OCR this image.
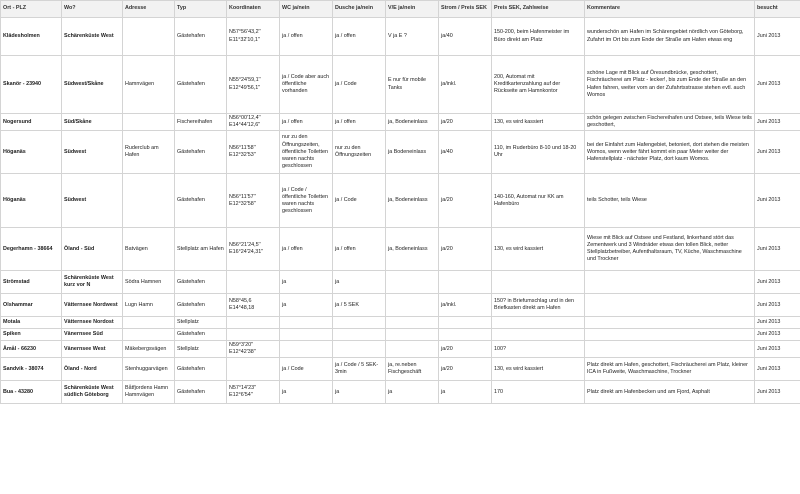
Ort - PLZ	Wo?	Adresse	Typ	Koordinaten	WC ja/nein	Dusche ja/nein	V/E ja/nein	Strom / Preis SEK	Preis SEK, Zahlweise	Kommentare	besucht
Klädesholmen	Schärenküste West		Gästehafen	N57°56'43,2''
E11°32'10,1''	ja / offen	ja / offen	V ja E ?	ja/40	150-200, beim Hafenmeister im Büro direkt am Platz	wunderschön am Hafen im Schärengebiet nördlich von Göteborg, Zufahrt im Ort bis zum Ende der Straße am Hafen etwas eng	Juni 2013
Skanör - 23940	Südwest/Skåne	Hamnvägen	Gästehafen	N55°24'59,1''
E12°49'56,1''	ja / Code aber auch öffentliche vorhanden	ja / Code	E nur für mobile Tanks	ja/inkl.	200, Automat mit Kreditkartenzahlung auf der Rückseite am Hamnkontor	schöne Lage mit Blick auf Öresundbrücke, geschottert, Fischräucherei am Platz - lecker!, bis zum Ende der Straße an den Hafen fahren, weiter vorn an der Zufahrtsstrasse stehen evtl. auch Womos	Juni 2013
Nogersund	Süd/Skåne		Fischereihafen	N56°00'12,4''
E14°44'12,6''	ja / offen	ja / offen	ja, Bodeneinlass	ja/20	130, es wird kassiert	schön gelegen zwischen Fischereihafen und Ostsee, teils Wiese teils geschottert,	Juni 2013
Höganäs	Südwest	Ruderclub am Hafen	Gästehafen	N56°11'58''
E12°32'53''	nur zu den Öffnungszeiten, öffentliche Toiletten waren nachts geschlossen	nur zu den Öffnungszeiten	ja Bodeneinlass	ja/40	110, im Ruderbüro 8-10 und 18-20 Uhr	bei der Einfahrt zum Hafengebiet, betoniert, dort stehen die meisten Womos, wenn weiter fährt kommt ein paar Meter weiter der Hafenstellplatz - nächster Platz, dort kaum Womos.	Juni 2013
Höganäs	Südwest		Gästehafen	N56°11'57''
E12°32'58''	ja / Code / öffentliche Toiletten waren nachts geschlossen	ja / Code	ja, Bodeneinlass	ja/20	140-160, Automat nur KK am Hafenbüro	teils Schotter, teils Wiese	Juni 2013
Degerhamn - 38664	Öland - Süd	Batvägen	Stellplatz am Hafen	N56°21'24,5''
E16°24'24,31''	ja / offen	ja / offen	ja, Bodeneinlass	ja/20	130, es wird kassiert	Wiese mit Blick auf Ostsee und Festland, linkerhand stört das Zementwerk und 3 Windräder etwas den tollen Blick, netter Stellplatzbetreiber, Aufenthaltsraum, TV, Küche, Waschmaschine und Trockner	Juni 2013
Strömstad	Schärenküste West kurz vor N	Södra Hamnen	Gästehafen		ja	ja					Juni 2013
Olshammar	Vätternsee Nordwest	Lugn Hamn	Gästehafen	N58°45,6
E14°48,18	ja	ja / 5 SEK		ja/inkl.	150? in Briefumschlag und in den Briefkasten direkt am Hafen		Juni 2013
Motala	Vätternsee Nordost		Stellplatz								Juni 2013
Spiken	Vänernsee Süd		Gästehafen								Juni 2013
Åmål - 66230	Vänernsee West	Mäkebergsvägen	Stellplatz	N59°3'20''
E12°42'38''				ja/20	100?		Juni 2013
Sandvik - 38074	Öland - Nord	Stenhuggarvägen	Gästehafen		ja / Code	ja / Code / 5 SEK-3min	ja, re.neben Fischgeschäft	ja/20	130, es wird kassiert	Platz direkt am Hafen, geschottert, Fischräucherei am Platz, kleiner ICA in Fußweite, Waschmaschine, Trockner	Juni 2013
Bua - 43280	Schärenküste West südlich Göteborg	Båtfjordens Hamn Hamnvägen	Gästehafen	N57°14'23''
E12°6'54''	ja	ja	ja	ja	170	Platz direkt am Hafenbecken und am Fjord, Asphalt	Juni 2013
